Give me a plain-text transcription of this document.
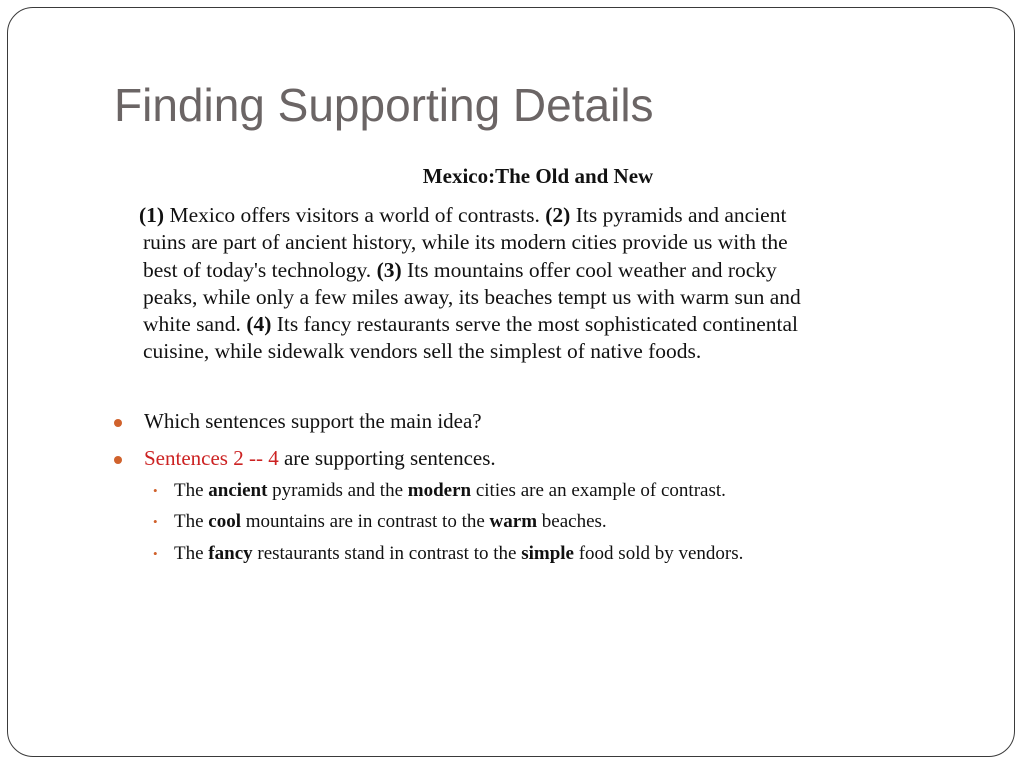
Finding Supporting Details
Mexico:The Old and New
(1) Mexico offers visitors a world of contrasts. (2) Its pyramids and ancient
ruins are part of ancient history, while its modern cities provide us with the
best of today's technology. (3) Its mountains offer cool weather and rocky
peaks, while only a few miles away, its beaches tempt us with warm sun and
white sand. (4) Its fancy restaurants serve the most sophisticated continental
cuisine, while sidewalk vendors sell the simplest of native foods.
Which sentences support the main idea?
Sentences 2 -- 4 are supporting sentences.
• The ancient pyramids and the modern cities are an example of contrast.
• The cool mountains are in contrast to the warm beaches.
• The fancy restaurants stand in contrast to the simple food sold by vendors.
